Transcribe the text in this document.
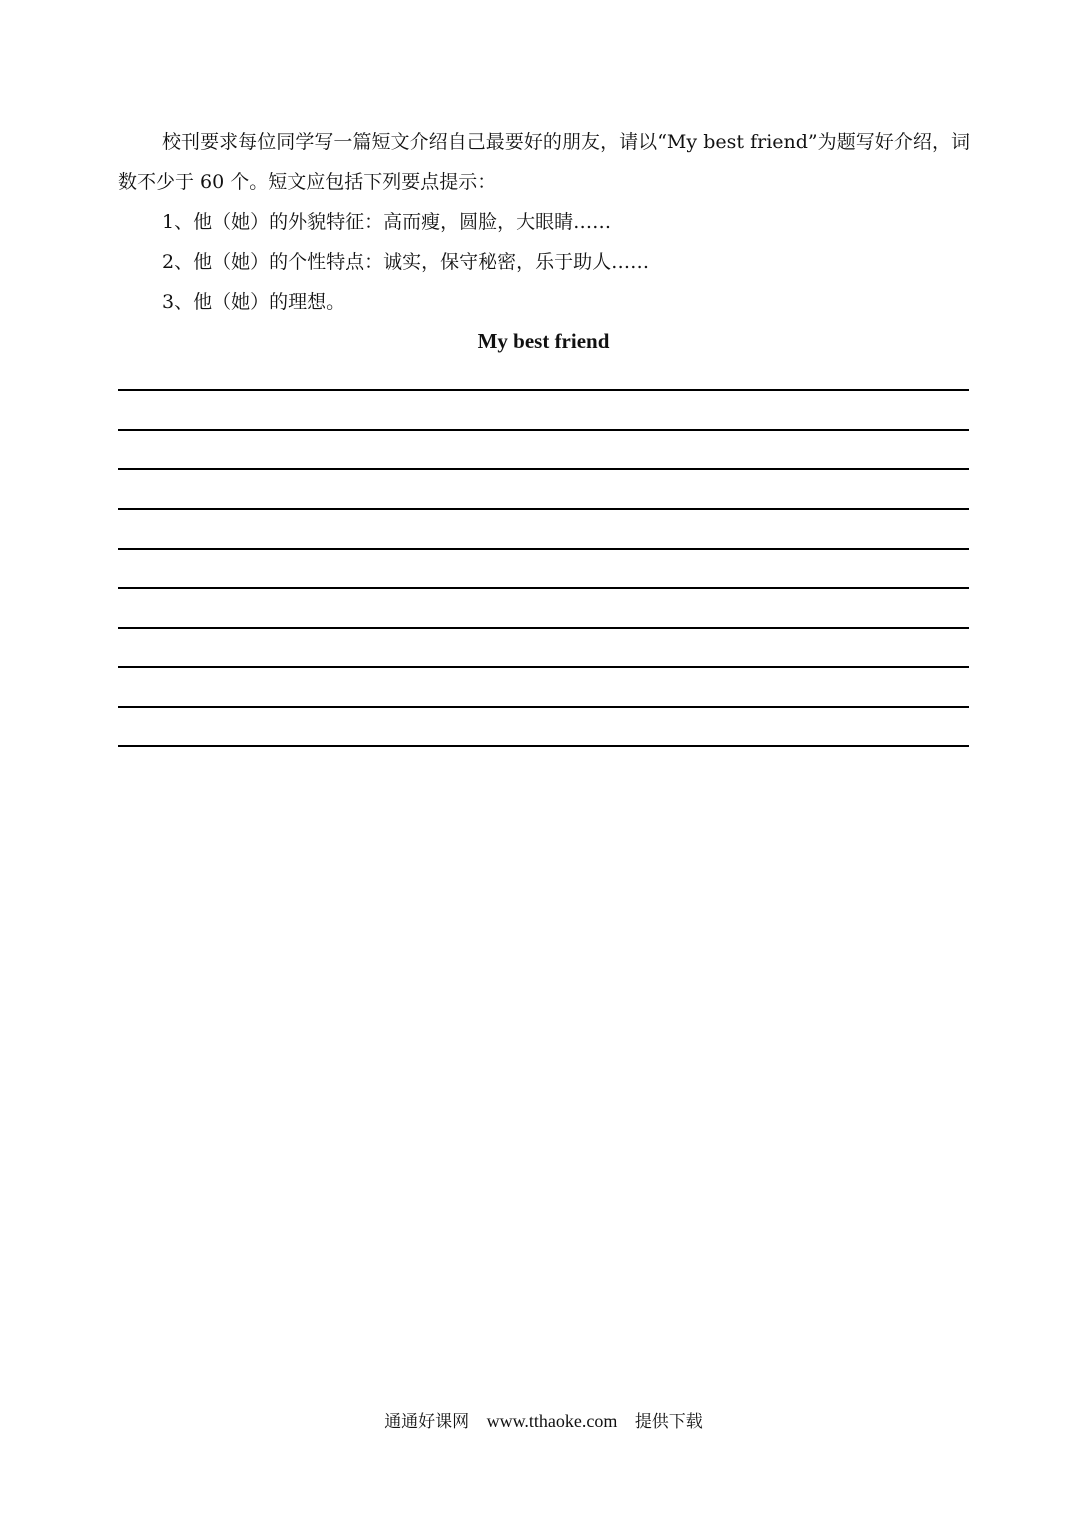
校刊要求每位同学写一篇短文介绍自己最要好的朋友，请以“My best friend”为题写好介绍，词数不少于 60 个。短文应包括下列要点提示：

1、他（她）的外貌特征：高而瘦，圆脸，大眼睛……

2、他（她）的个性特点：诚实，保守秘密，乐于助人……

3、他（她）的理想。

My best friend
通通好课网 www.tthaoke.com 提供下载
